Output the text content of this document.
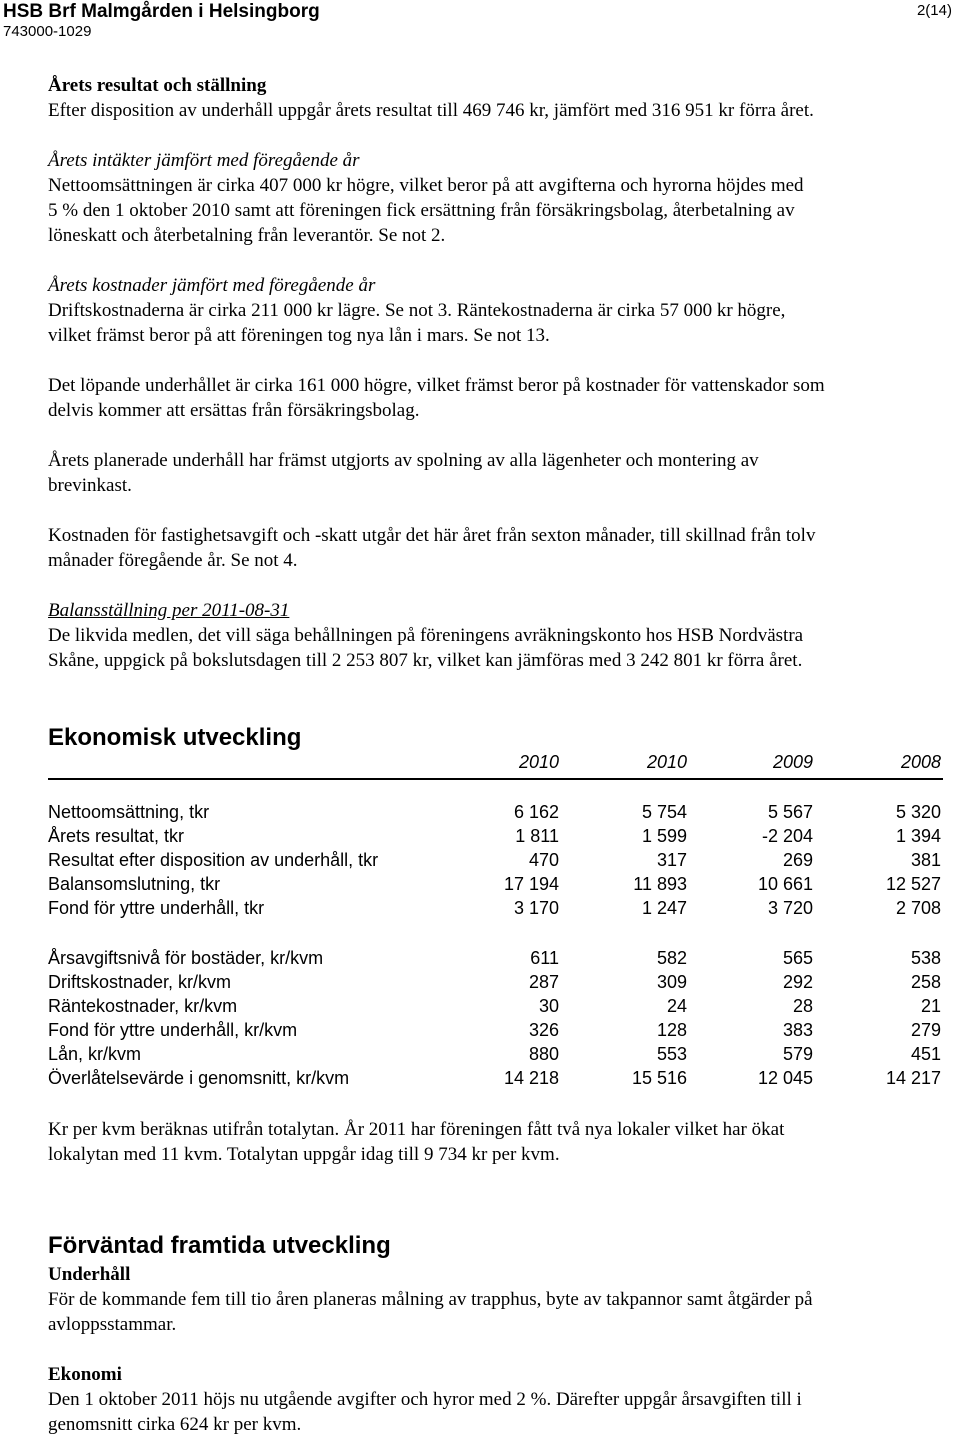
HSB Brf Malmgården i Helsingborg
743000-1029
2(14)

Årets resultat och ställning

Efter disposition av underhåll uppgår årets resultat till 469 746 kr, jämfört med 316 951 kr förra året.

Årets intäkter jämfört med föregående år

Nettoomsättningen är cirka 407 000 kr högre, vilket beror på att avgifterna och hyrorna höjdes med

5 % den 1 oktober 2010 samt att föreningen fick ersättning från försäkringsbolag, återbetalning av

löneskatt och återbetalning från leverantör. Se not 2.

Årets kostnader jämfört med föregående år

Driftskostnaderna är cirka 211 000 kr lägre. Se not 3. Räntekostnaderna är cirka 57 000 kr högre,

vilket främst beror på att föreningen tog nya lån i mars. Se not 13.

Det löpande underhållet är cirka 161 000 högre, vilket främst beror på kostnader för vattenskador som

delvis kommer att ersättas från försäkringsbolag.

Årets planerade underhåll har främst utgjorts av spolning av alla lägenheter och montering av

brevinkast.

Kostnaden för fastighetsavgift och -skatt utgår det här året från sexton månader, till skillnad från tolv

månader föregående år. Se not 4.

Balansställning per 2011-08-31

De likvida medlen, det vill säga behållningen på föreningens avräkningskonto hos HSB Nordvästra

Skåne, uppgick på bokslutsdagen till 2 253 807 kr, vilket kan jämföras med 3 242 801 kr förra året.

Ekonomisk utveckling
2010	2010	2009	2008
Nettoomsättning, tkr	6 162	5 754	5 567	5 320
Årets resultat, tkr	1 811	1 599	-2 204	1 394
Resultat efter disposition av underhåll, tkr	470	317	269	381
Balansomslutning, tkr	17 194	11 893	10 661	12 527
Fond för yttre underhåll, tkr	3 170	1 247	3 720	2 708
Årsavgiftsnivå för bostäder, kr/kvm	611	582	565	538
Driftskostnader, kr/kvm	287	309	292	258
Räntekostnader, kr/kvm	30	24	28	21
Fond för yttre underhåll, kr/kvm	326	128	383	279
Lån, kr/kvm	880	553	579	451
Överlåtelsevärde i genomsnitt, kr/kvm	14 218	15 516	12 045	14 217

Kr per kvm beräknas utifrån totalytan. År 2011 har föreningen fått två nya lokaler vilket har ökat

lokalytan med 11 kvm. Totalytan uppgår idag till 9 734 kr per kvm.

Förväntad framtida utveckling

Underhåll

För de kommande fem till tio åren planeras målning av trapphus, byte av takpannor samt åtgärder på

avloppsstammar.

Ekonomi

Den 1 oktober 2011 höjs nu utgående avgifter och hyror med 2 %. Därefter uppgår årsavgiften till i

genomsnitt cirka 624 kr per kvm.
